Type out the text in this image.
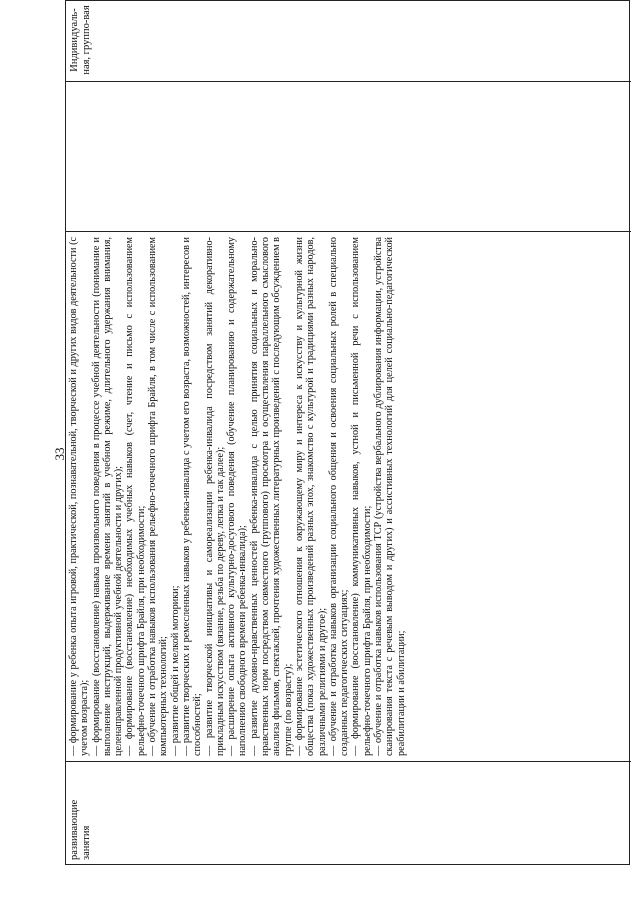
33
развивающие занятия

— формирование у ребенка опыта игровой, практической, познавательной, творческой и других видов деятельности (с учетом возраста); — формирование (восстановление) навыка произвольного поведения в процессе учебной деятельности (понимание и выполнение инструкций, выдерживание времени занятий в учебном режиме, длительного удержания внимания, целенаправленной продуктивной учебной деятельности и других); — формирование (восстановление) необходимых учебных навыков (счет, чтение и письмо с использованием рельефно-точечного шрифта Брайля, при необходимости; — обучение и отработка навыков использования рельефно-точечного шрифта Брайля, в том числе с использованием компьютерных технологий; — развитие общей и мелкой моторики; — развитие творческих и ремесленных навыков у ребенка-инвалида с учетом его возраста, возможностей, интересов и способностей; — развитие творческой инициативы и самореализации ребенка-инвалида посредством занятий декоративно-прикладным искусством (вязание, резьба по дереву, лепка и так далее); — расширение опыта активного культурно-досугового поведения (обучение планированию и содержательному наполнению свободного времени ребенка-инвалида); — развитие духовно-нравственных ценностей ребенка-инвалида с целью принятия социальных и морально-нравственных норм посредством совместного (группового) просмотра и осуществления параллельного смыслового анализа фильмов, спектаклей, прочтения художественных литературных произведений с последующим обсуждением в группе (по возрасту); — формирование эстетического отношения к окружающему миру и интереса к искусству и культурной жизни общества (показ художественных произведений разных эпох, знакомство с культурой и традициями разных народов, различными религиями и другое); — обучение и отработка навыков организации социального общения и освоения социальных ролей в специально созданных педагогических ситуациях; — формирование (восстановление) коммуникативных навыков, устной и письменной речи с использованием рельефно-точечного шрифта Брайля, при необходимости; — обучение и отработка навыков использования ТСР (устройства вербального дублирования информации, устройства сканирования текста с речевым выводом и других) и ассистивных технологий для целей социально-педагогической реабилитации и абилитации;

Индивидуаль-ная, группо-вая
